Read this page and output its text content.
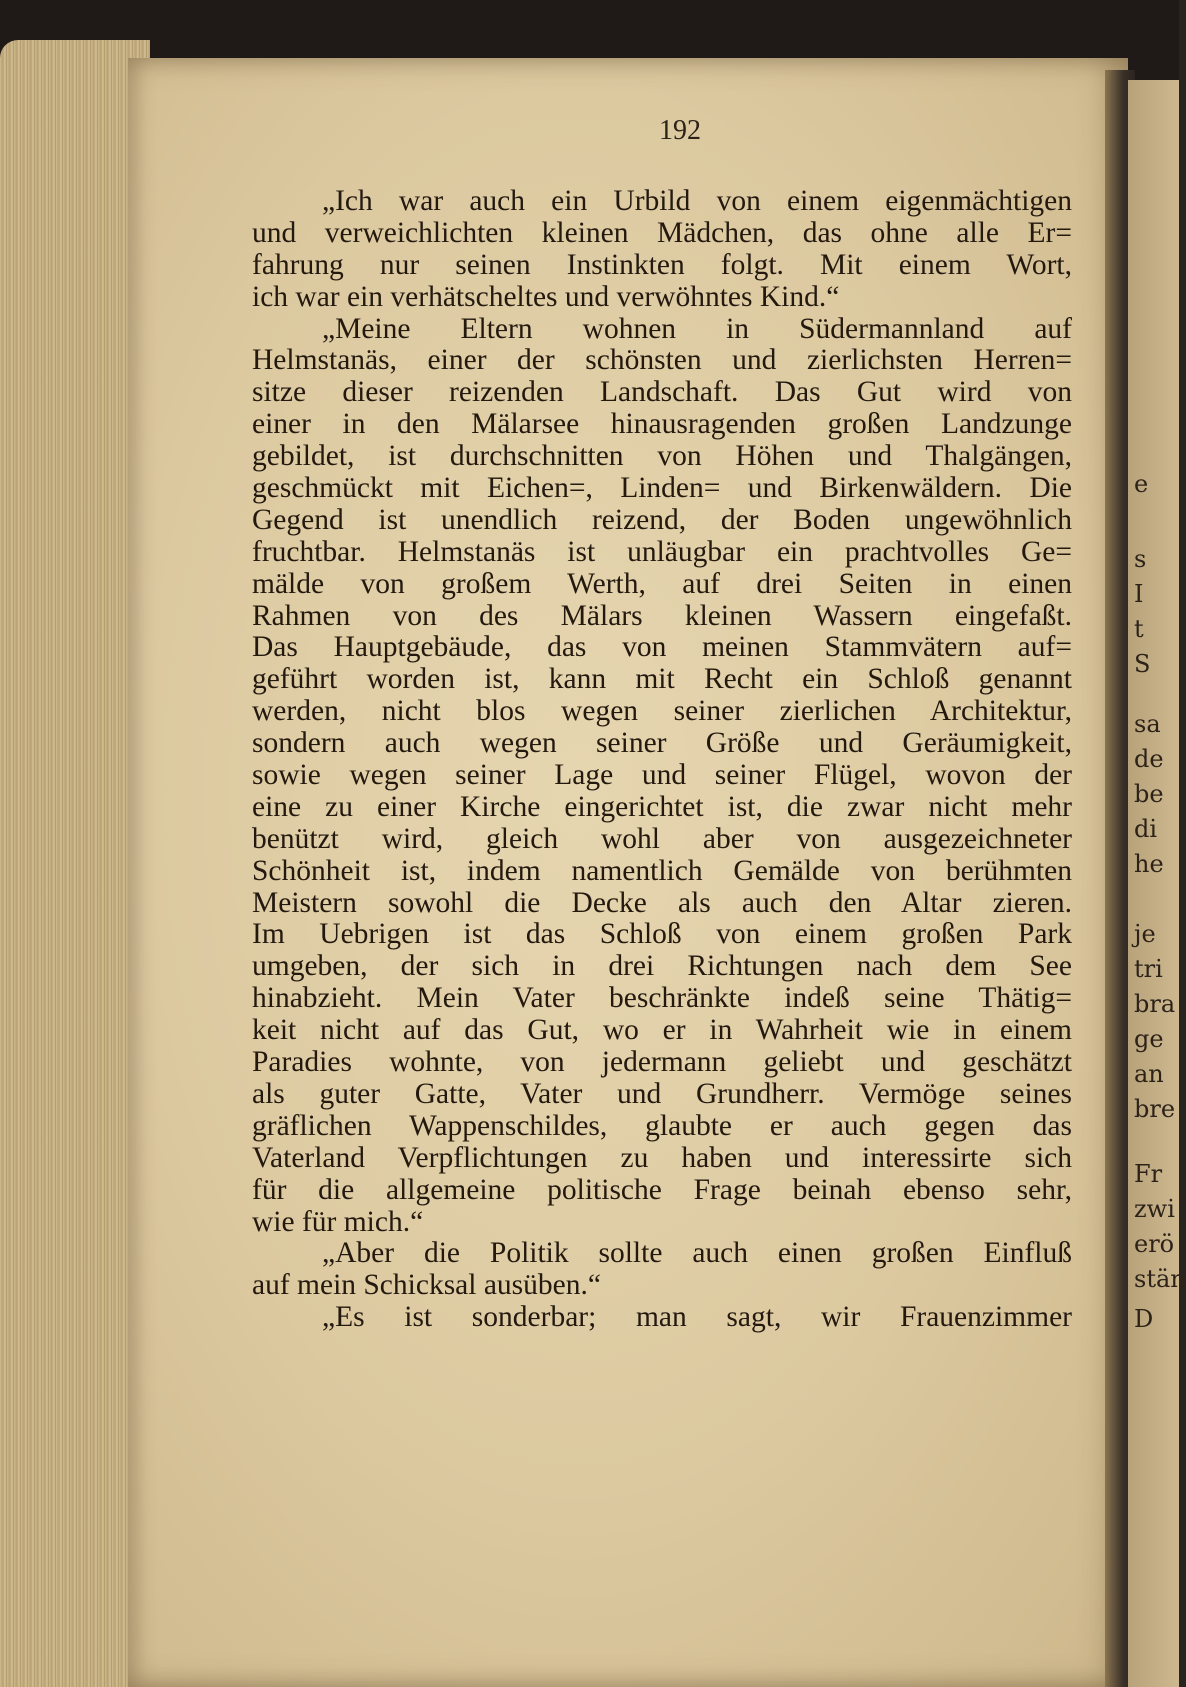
e
s
I
t
S
sa
de
be
di
he
je
tri
bra
ge
an
bre
Fr
zwi
erö
stän
D
192
„Ich war auch ein Urbild von einem eigenmächtigen
und verweichlichten kleinen Mädchen, das ohne alle Er=
fahrung nur seinen Instinkten folgt. Mit einem Wort,
ich war ein verhätscheltes und verwöhntes Kind.“
„Meine Eltern wohnen in Südermannland auf
Helmstanäs, einer der schönsten und zierlichsten Herren=
sitze dieser reizenden Landschaft. Das Gut wird von
einer in den Mälarsee hinausragenden großen Landzunge
gebildet, ist durchschnitten von Höhen und Thalgängen,
geschmückt mit Eichen=, Linden= und Birkenwäldern. Die
Gegend ist unendlich reizend, der Boden ungewöhnlich
fruchtbar. Helmstanäs ist unläugbar ein prachtvolles Ge=
mälde von großem Werth, auf drei Seiten in einen
Rahmen von des Mälars kleinen Wassern eingefaßt.
Das Hauptgebäude, das von meinen Stammvätern auf=
geführt worden ist, kann mit Recht ein Schloß genannt
werden, nicht blos wegen seiner zierlichen Architektur,
sondern auch wegen seiner Größe und Geräumigkeit,
sowie wegen seiner Lage und seiner Flügel, wovon der
eine zu einer Kirche eingerichtet ist, die zwar nicht mehr
benützt wird, gleich wohl aber von ausgezeichneter
Schönheit ist, indem namentlich Gemälde von berühmten
Meistern sowohl die Decke als auch den Altar zieren.
Im Uebrigen ist das Schloß von einem großen Park
umgeben, der sich in drei Richtungen nach dem See
hinabzieht. Mein Vater beschränkte indeß seine Thätig=
keit nicht auf das Gut, wo er in Wahrheit wie in einem
Paradies wohnte, von jedermann geliebt und geschätzt
als guter Gatte, Vater und Grundherr. Vermöge seines
gräflichen Wappenschildes, glaubte er auch gegen das
Vaterland Verpflichtungen zu haben und interessirte sich
für die allgemeine politische Frage beinah ebenso sehr,
wie für mich.“
„Aber die Politik sollte auch einen großen Einfluß
auf mein Schicksal ausüben.“
„Es ist sonderbar; man sagt, wir Frauenzimmer
